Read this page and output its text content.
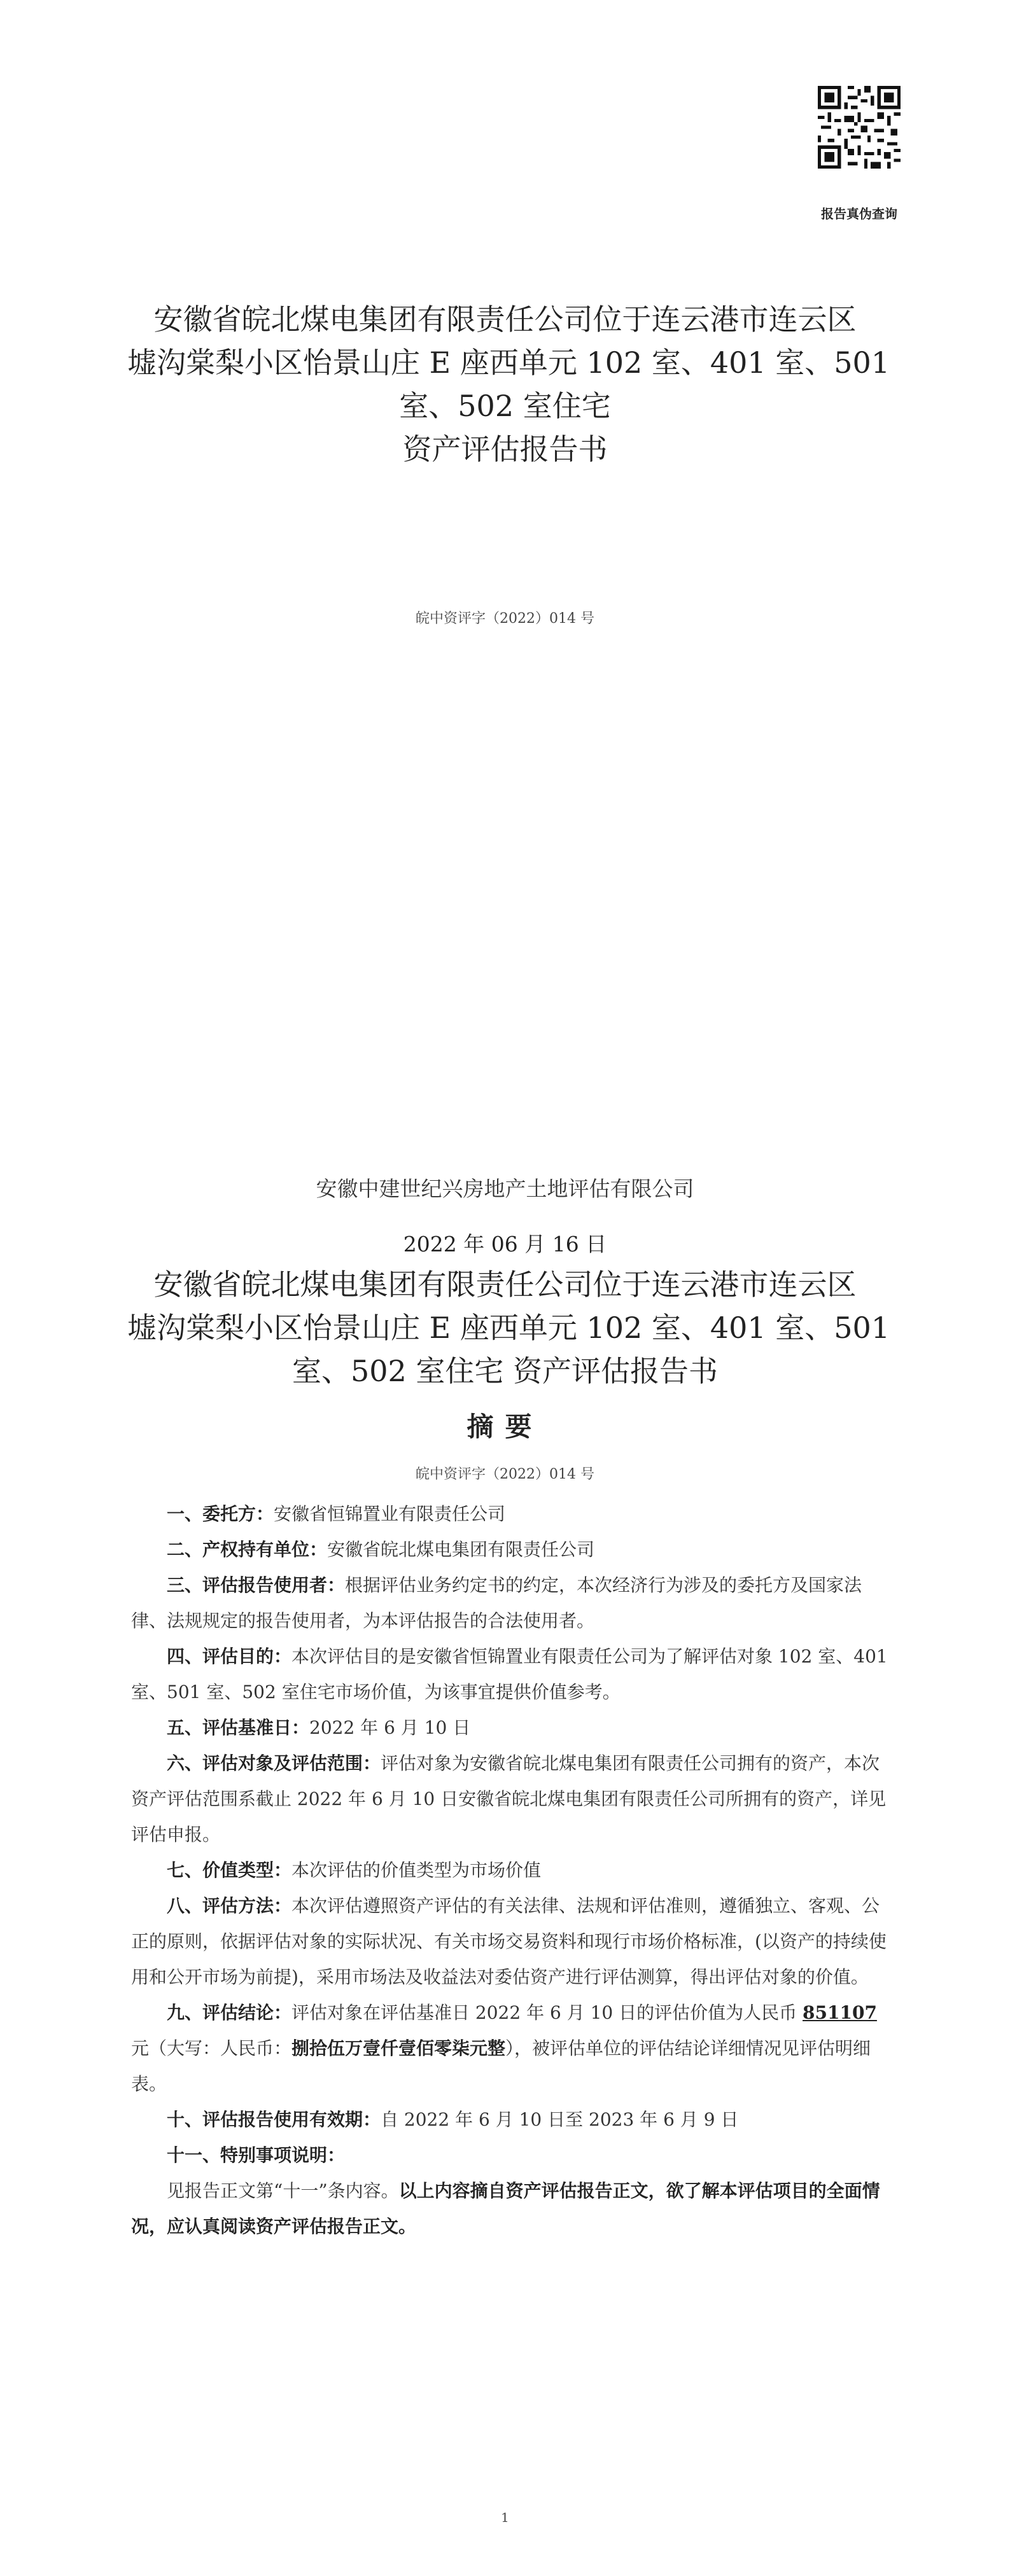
报告真伪查询
安徽省皖北煤电集团有限责任公司位于连云港市连云区
墟沟棠梨小区怡景山庄 E 座西单元 102 室、401 室、501
室、502 室住宅
资产评估报告书
皖中资评字（2022）014 号
安徽中建世纪兴房地产土地评估有限公司
2022 年 06 月 16 日
安徽省皖北煤电集团有限责任公司位于连云港市连云区
墟沟棠梨小区怡景山庄 E 座西单元 102 室、401 室、501
室、502 室住宅 资产评估报告书
摘要
皖中资评字（2022）014 号

一、委托方：安徽省恒锦置业有限责任公司

二、产权持有单位：安徽省皖北煤电集团有限责任公司

三、评估报告使用者：根据评估业务约定书的约定，本次经济行为涉及的委托方及国家法律、法规规定的报告使用者，为本评估报告的合法使用者。

四、评估目的：本次评估目的是安徽省恒锦置业有限责任公司为了解评估对象 102 室、401 室、501 室、502 室住宅市场价值，为该事宜提供价值参考。

五、评估基准日：2022 年 6 月 10 日

六、评估对象及评估范围：评估对象为安徽省皖北煤电集团有限责任公司拥有的资产，本次资产评估范围系截止 2022 年 6 月 10 日安徽省皖北煤电集团有限责任公司所拥有的资产，详见评估申报。

七、价值类型：本次评估的价值类型为市场价值

八、评估方法：本次评估遵照资产评估的有关法律、法规和评估准则，遵循独立、客观、公正的原则，依据评估对象的实际状况、有关市场交易资料和现行市场价格标准，(以资产的持续使用和公开市场为前提)，采用市场法及收益法对委估资产进行评估测算，得出评估对象的价值。

九、评估结论：评估对象在评估基准日 2022 年 6 月 10 日的评估价值为人民币 851107 元（大写：人民币：捌拾伍万壹仟壹佰零柒元整），被评估单位的评估结论详细情况见评估明细表。

十、评估报告使用有效期：自 2022 年 6 月 10 日至 2023 年 6 月 9 日

十一、特别事项说明：

见报告正文第“十一”条内容。以上内容摘自资产评估报告正文，欲了解本评估项目的全面情况，应认真阅读资产评估报告正文。

1
